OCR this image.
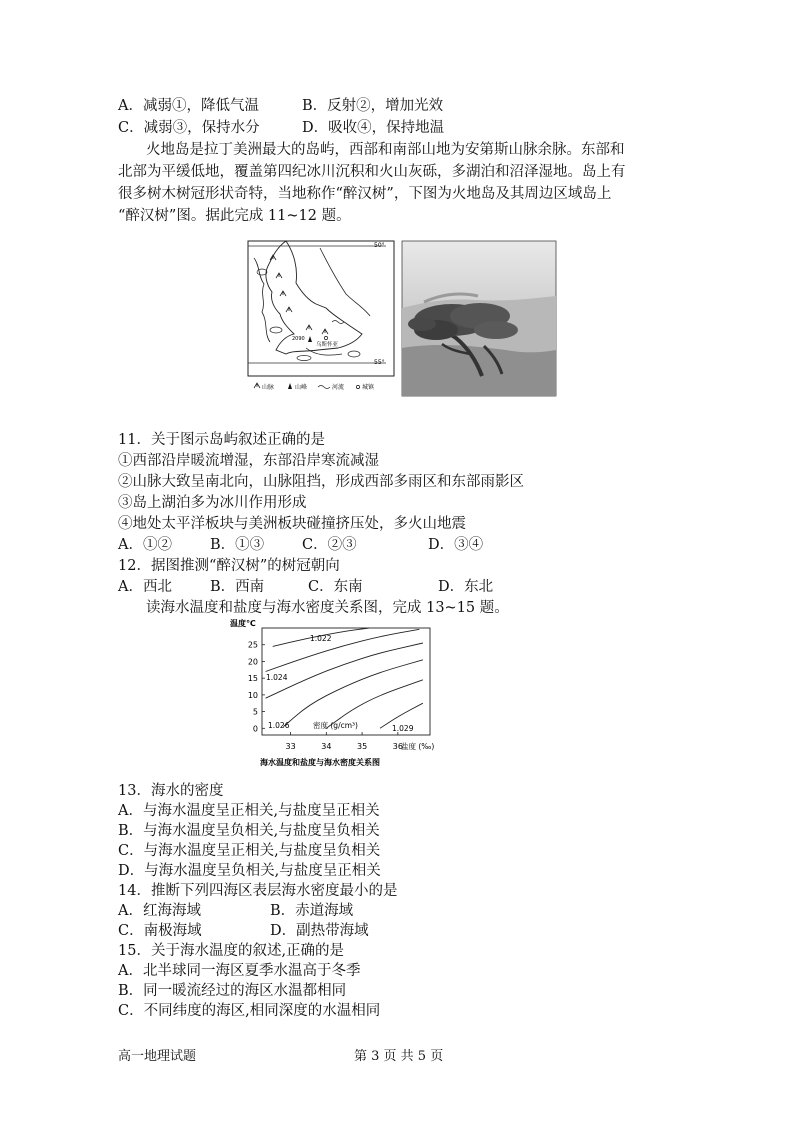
A．减弱①，降低气温	B．反射②，增加光效
C．减弱③，保持水分	D．吸收④，保持地温
火地岛是拉丁美洲最大的岛屿，西部和南部山地为安第斯山脉余脉。东部和
北部为平缓低地，覆盖第四纪冰川沉积和火山灰砾，多湖泊和沼泽湿地。岛上有
很多树木树冠形状奇特，当地称作“醉汉树”，下图为火地岛及其周边区域岛上
“醉汉树”图。据此完成 11~12 题。
50°
55°
2090
乌斯怀亚
山脉	山峰	河流	城镇
11．关于图示岛屿叙述正确的是
①西部沿岸暖流增湿，东部沿岸寒流减湿
②山脉大致呈南北向，山脉阻挡，形成西部多雨区和东部雨影区
③岛上湖泊多为冰川作用形成
④地处太平洋板块与美洲板块碰撞挤压处，多火山地震
A．①②	B．①③	C．②③	D．③④
12．据图推测“醉汉树”的树冠朝向
A．西北	B．西南	C．东南	D．东北
读海水温度和盐度与海水密度关系图，完成 13~15 题。
温度℃
0
5
10
15
20
25
33	34	35	36
1.022
1.024
1.026	密度 (g/cm³)	1.029
盐度 (‰)
海水温度和盐度与海水密度关系图
13．海水的密度
A．与海水温度呈正相关,与盐度呈正相关
B．与海水温度呈负相关,与盐度呈负相关
C．与海水温度呈正相关,与盐度呈负相关
D．与海水温度呈负相关,与盐度呈正相关
14．推断下列四海区表层海水密度最小的是
A．红海海域	B．赤道海域
C．南极海域	D．副热带海域
15．关于海水温度的叙述,正确的是
A．北半球同一海区夏季水温高于冬季
B．同一暖流经过的海区水温都相同
C．不同纬度的海区,相同深度的水温相同
高一地理试题	第 3 页 共 5 页
